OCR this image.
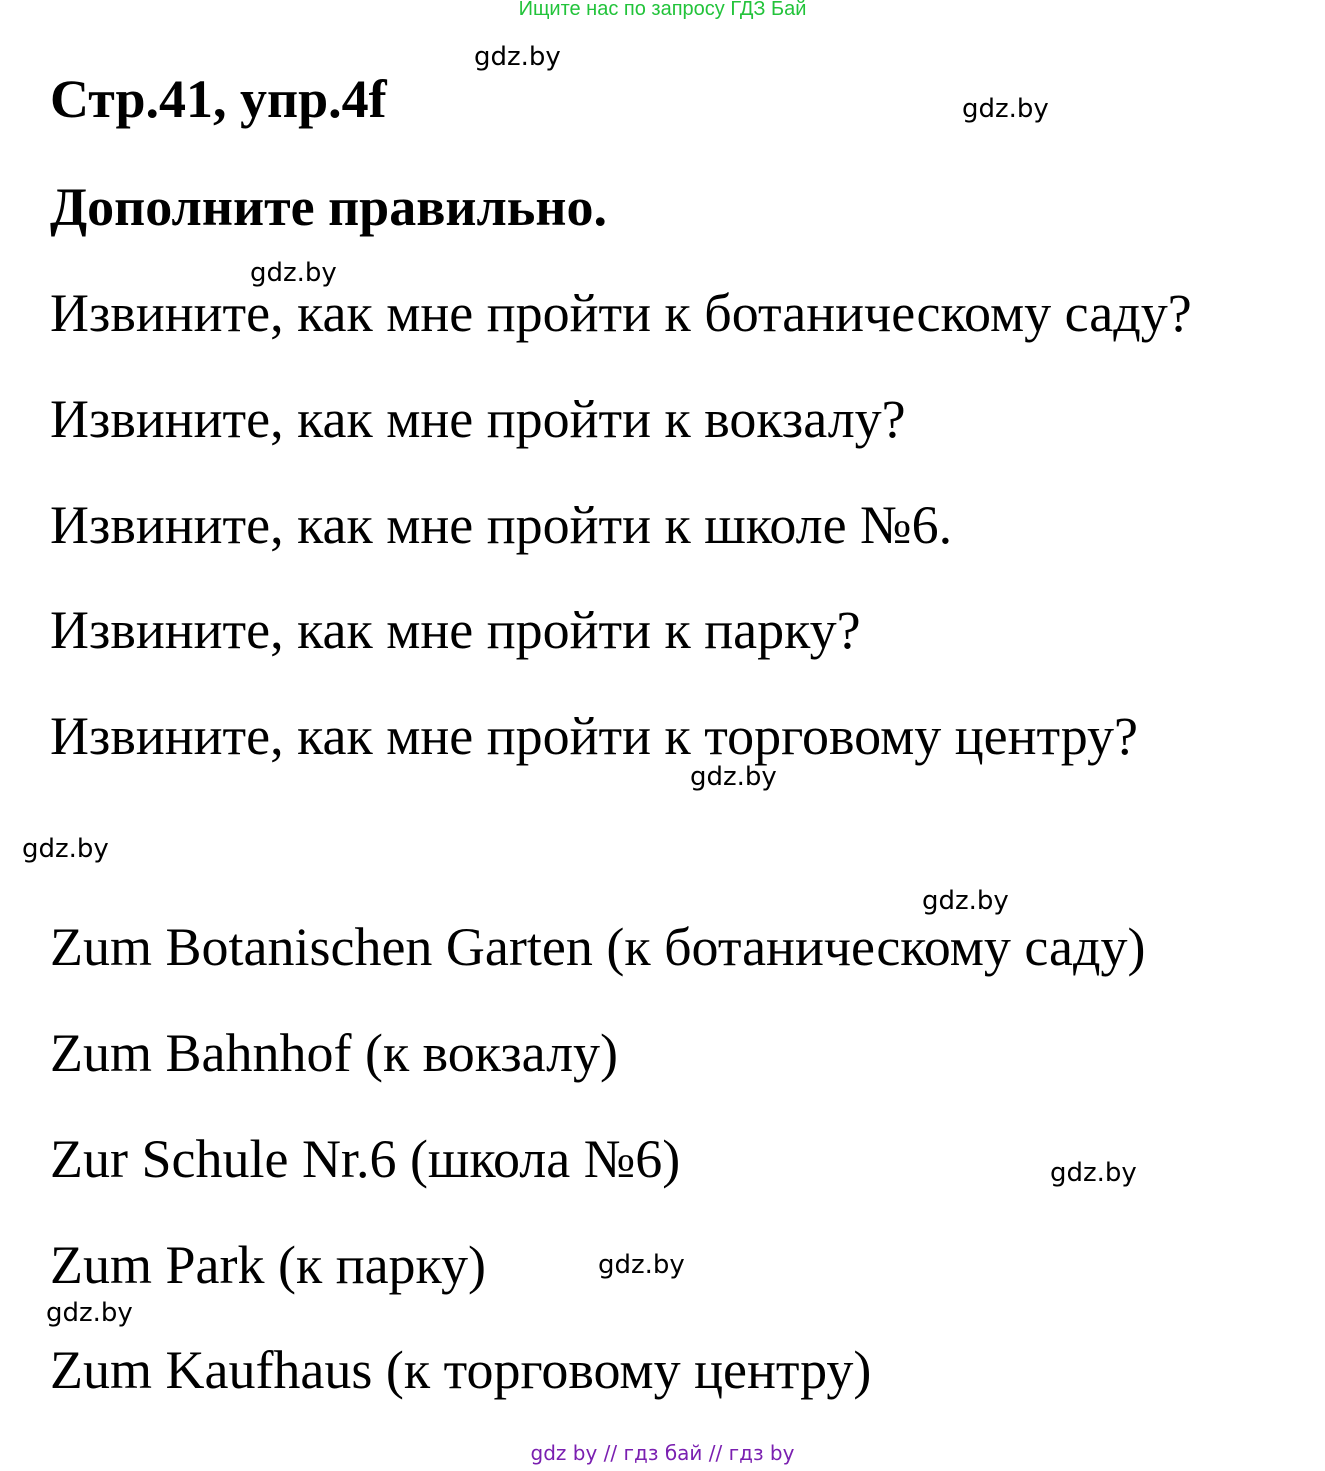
Ищите нас по запросу ГДЗ Бай
Стр.41, упр.4f
Дополните правильно.
Извините, как мне пройти к ботаническому саду?
Извините, как мне пройти к вокзалу?
Извините, как мне пройти к школе №6.
Извините, как мне пройти к парку?
Извините, как мне пройти к торговому центру?
Zum Botanischen Garten (к ботаническому саду)
Zum Bahnhof (к вокзалу)
Zur Schule Nr.6 (школа №6)
Zum Park (к парку)
Zum Kaufhaus (к торговому центру)
gdz.by
gdz.by
gdz.by
gdz.by
gdz.by
gdz.by
gdz.by
gdz.by
gdz.by
gdz by // гдз бай // гдз by
